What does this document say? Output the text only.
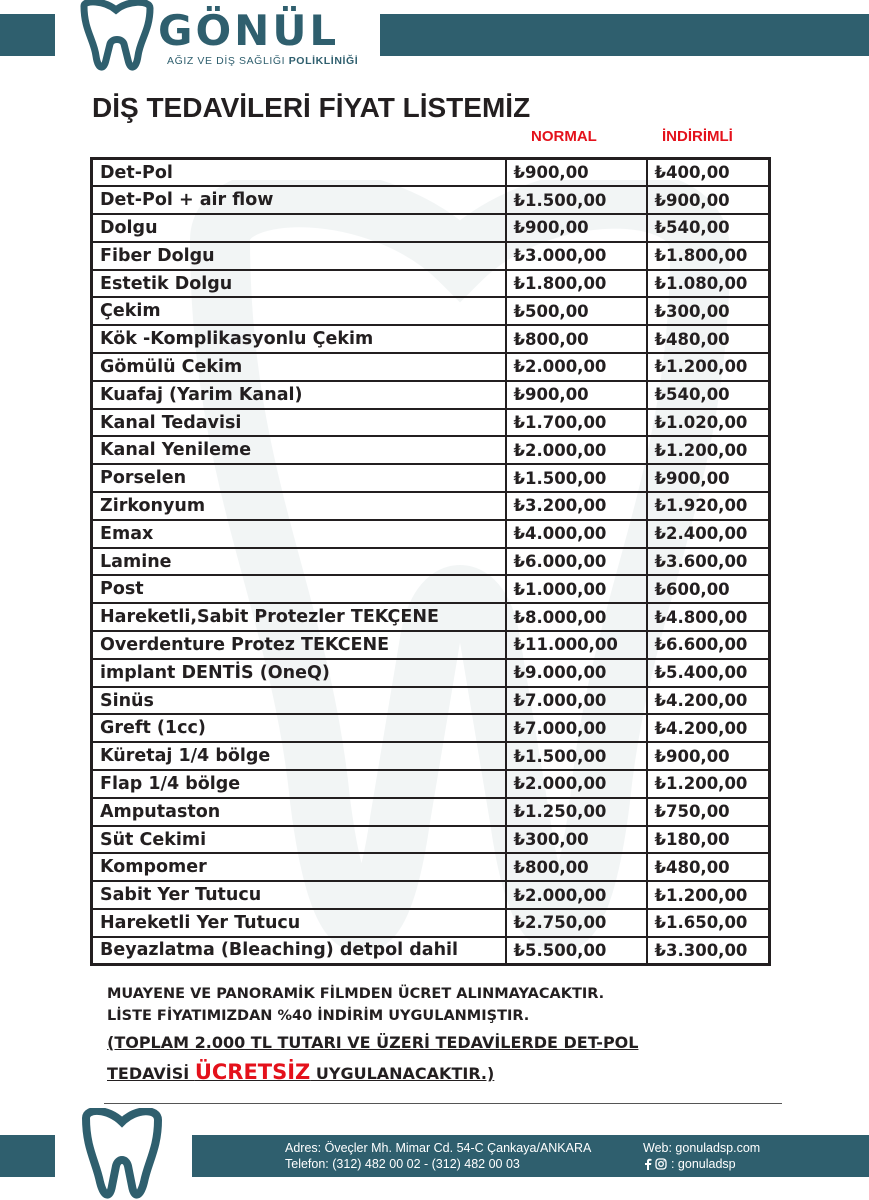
GÖNÜL
AĞIZ VE DİŞ SAĞLIĞI POLİKLİNİĞİ
DİŞ TEDAVİLERİ FİYAT LİSTEMİZ
NORMAL	İNDİRİMLİ
Det-Pol	₺900,00	₺400,00
Det-Pol + air flow	₺1.500,00	₺900,00
Dolgu	₺900,00	₺540,00
Fiber Dolgu	₺3.000,00	₺1.800,00
Estetik Dolgu	₺1.800,00	₺1.080,00
Çekim	₺500,00	₺300,00
Kök -Komplikasyonlu Çekim	₺800,00	₺480,00
Gömülü Cekim	₺2.000,00	₺1.200,00
Kuafaj (Yarim Kanal)	₺900,00	₺540,00
Kanal Tedavisi	₺1.700,00	₺1.020,00
Kanal Yenileme	₺2.000,00	₺1.200,00
Porselen	₺1.500,00	₺900,00
Zirkonyum	₺3.200,00	₺1.920,00
Emax	₺4.000,00	₺2.400,00
Lamine	₺6.000,00	₺3.600,00
Post	₺1.000,00	₺600,00
Hareketli,Sabit Protezler TEKÇENE	₺8.000,00	₺4.800,00
Overdenture Protez TEKCENE	₺11.000,00	₺6.600,00
implant DENTİS (OneQ)	₺9.000,00	₺5.400,00
Sinüs	₺7.000,00	₺4.200,00
Greft (1cc)	₺7.000,00	₺4.200,00
Küretaj 1/4 bölge	₺1.500,00	₺900,00
Flap 1/4 bölge	₺2.000,00	₺1.200,00
Amputaston	₺1.250,00	₺750,00
Süt Cekimi	₺300,00	₺180,00
Kompomer	₺800,00	₺480,00
Sabit Yer Tutucu	₺2.000,00	₺1.200,00
Hareketli Yer Tutucu	₺2.750,00	₺1.650,00
Beyazlatma (Bleaching) detpol dahil	₺5.500,00	₺3.300,00
MUAYENE VE PANORAMİK FİLMDEN ÜCRET ALINMAYACAKTIR.
LİSTE FİYATIMIZDAN %40 İNDİRİM UYGULANMIŞTIR.
(TOPLAM 2.000 TL TUTARI VE ÜZERİ TEDAVİLERDE DET-POL
TEDAVİSİ ÜCRETSİZ UYGULANACAKTIR.)
Adres: Öveçler Mh. Mimar Cd. 54-C Çankaya/ANKARA
Telefon: (312) 482 00 02 - (312) 482 00 03
Web: gonuladsp.com
: gonuladsp
